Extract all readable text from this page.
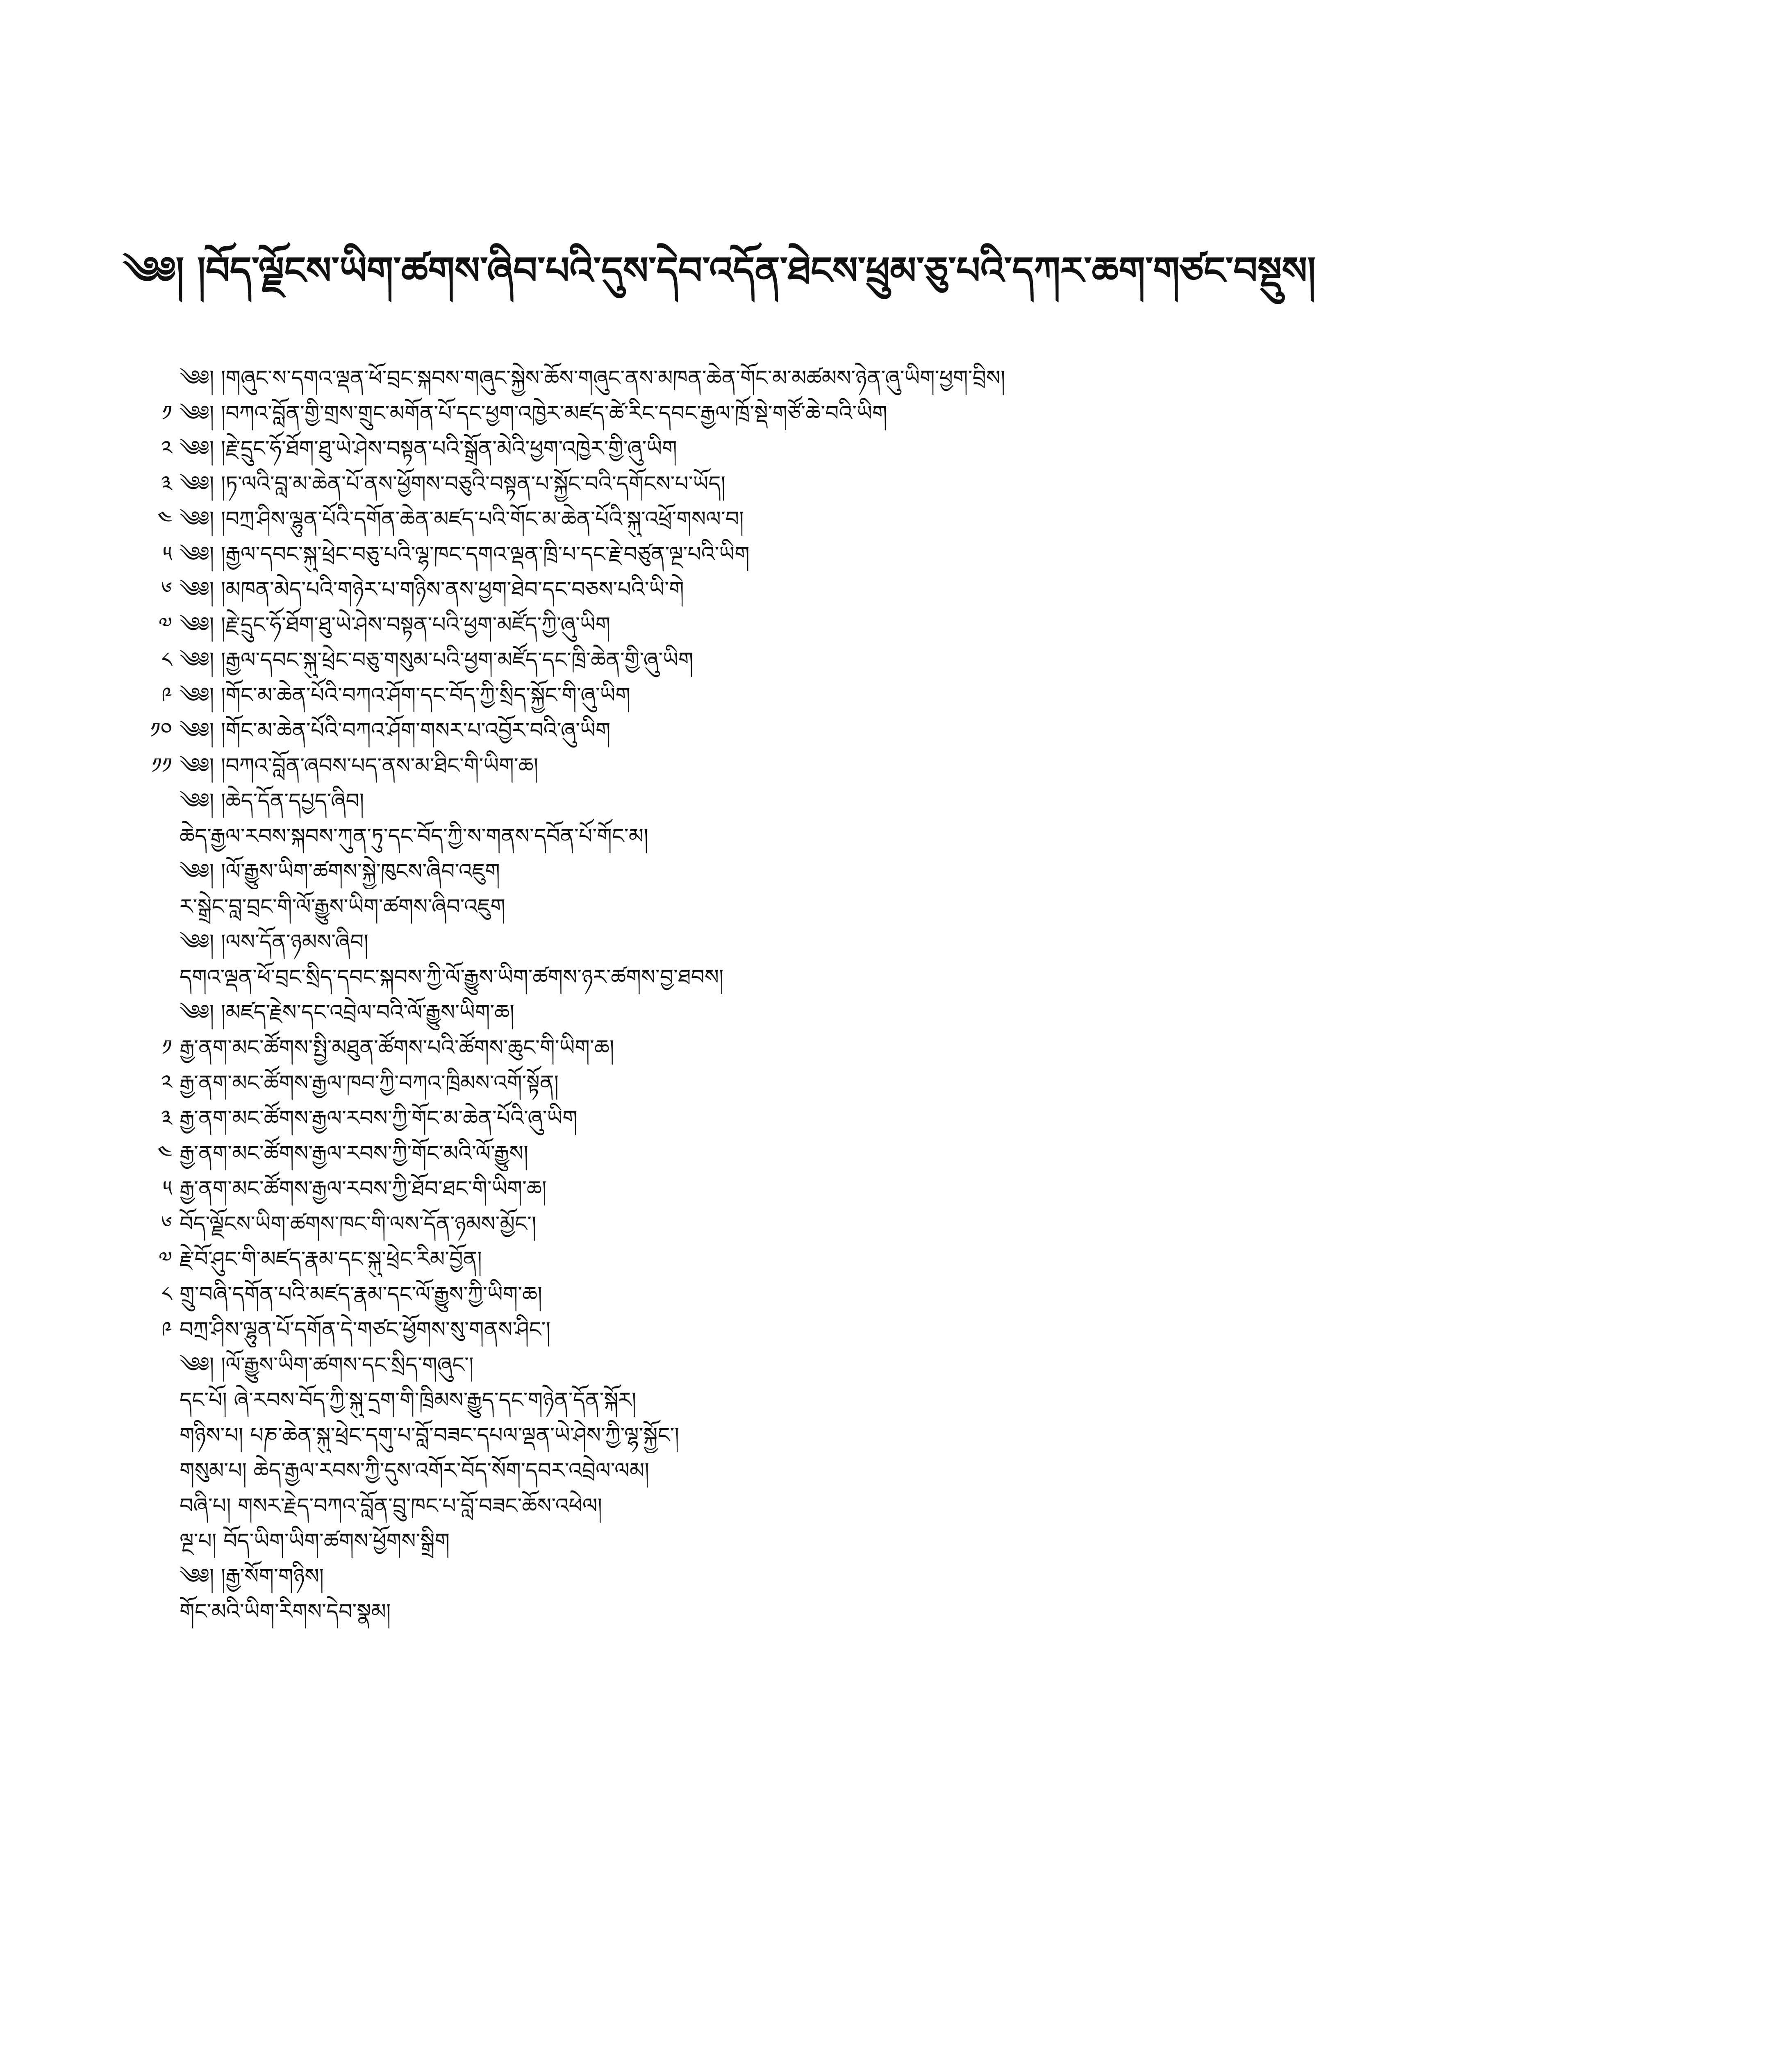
༄༅། །བོད་ལྗོངས་ཡིག་ཚགས་ཞིབ་པའི་དུས་དེབ་འདོན་ཐེངས་ཕྲུམ་ཅུ་པའི་དཀར་ཆག་གཙང་བསྡུས།
༄༅། །གཞུང་ས་དགའ་ལྡན་ཕོ་བྲང་སྐབས་གཞུང་སྐྱེས་ཆོས་གཞུང་ནས་མཁན་ཆེན་གོང་མ་མཚམས་ཉེན་ཞུ་ཡིག་ཕྱག་བྲིས།
༡ ༄༅། །བཀའ་བློན་གྱི་གྲས་གྲུང་མགོན་པོ་དང་ཕྱག་འཁྱེར་མཛད་ཚེ་རིང་དབང་རྒྱལ་ཁྲོ་སྡེ་གཙོ་ཆེ་བའི་ཡིག
༢ ༄༅། །རྗེ་དྲུང་ཧོ་ཐོག་ཐུ་ཡེ་ཤེས་བསྟན་པའི་སྒྲོན་མེའི་ཕྱག་འཁྱེར་གྱི་ཞུ་ཡིག
༣ ༄༅། །ཏ་ལའི་བླ་མ་ཆེན་པོ་ནས་ཕྱོགས་བཅུའི་བསྟན་པ་སྐྱོང་བའི་དགོངས་པ་ཡོད།
༤ ༄༅། །བཀྲ་ཤིས་ལྷུན་པོའི་དགོན་ཆེན་མཛད་པའི་གོང་མ་ཆེན་པོའི་སྐུ་འཕྲོ་གསལ་བ།
༥ ༄༅། །རྒྱལ་དབང་སྐུ་ཕྲེང་བཅུ་པའི་ལྷ་ཁང་དགའ་ལྡན་ཁྲི་པ་དང་རྗེ་བཙུན་ལྔ་པའི་ཡིག
༦ ༄༅། །མཁན་མེད་པའི་གཉེར་པ་གཉིས་ནས་ཕྱག་ཐེབ་དང་བཅས་པའི་ཡི་གེ
༧ ༄༅། །རྗེ་དྲུང་ཧོ་ཐོག་ཐུ་ཡེ་ཤེས་བསྟན་པའི་ཕྱག་མཛོད་ཀྱི་ཞུ་ཡིག
༨ ༄༅། །རྒྱལ་དབང་སྐུ་ཕྲེང་བཅུ་གསུམ་པའི་ཕྱག་མཛོད་དང་ཁྲི་ཆེན་གྱི་ཞུ་ཡིག
༩ ༄༅། །གོང་མ་ཆེན་པོའི་བཀའ་ཤོག་དང་བོད་ཀྱི་སྲིད་སྐྱོང་གི་ཞུ་ཡིག
༡༠ ༄༅། །གོང་མ་ཆེན་པོའི་བཀའ་ཤོག་གསར་པ་འབྱོར་བའི་ཞུ་ཡིག
༡༡ ༄༅། །བཀའ་བློན་ཞབས་པད་ནས་མ་ཐིང་གི་ཡིག་ཆ།
༄༅། །ཆེད་དོན་དཔྱད་ཞིབ།
ཆེད་རྒྱལ་རབས་སྐབས་ཀུན་ཏུ་དང་བོད་ཀྱི་ས་གནས་དབོན་པོ་གོང་མ།
༄༅། །ལོ་རྒྱུས་ཡིག་ཚགས་སྐྱེ་ཁུངས་ཞིབ་འཇུག
ར་སྒྲེང་བླ་བྲང་གི་ལོ་རྒྱུས་ཡིག་ཚགས་ཞིབ་འཇུག
༄༅། །ལས་དོན་ཉམས་ཞིབ།
དགའ་ལྡན་ཕོ་བྲང་སྲིད་དབང་སྐབས་ཀྱི་ལོ་རྒྱུས་ཡིག་ཚགས་ཉར་ཚགས་བྱ་ཐབས།
༄༅། །མཛད་རྗེས་དང་འབྲེལ་བའི་ལོ་རྒྱུས་ཡིག་ཆ།
༡ རྒྱ་ནག་མང་ཚོགས་སྤྱི་མཐུན་ཚོགས་པའི་ཚོགས་ཆུང་གི་ཡིག་ཆ།
༢ རྒྱ་ནག་མང་ཚོགས་རྒྱལ་ཁབ་ཀྱི་བཀའ་ཁྲིམས་འགོ་སྟོན།
༣ རྒྱ་ནག་མང་ཚོགས་རྒྱལ་རབས་ཀྱི་གོང་མ་ཆེན་པོའི་ཞུ་ཡིག
༤ རྒྱ་ནག་མང་ཚོགས་རྒྱལ་རབས་ཀྱི་གོང་མའི་ལོ་རྒྱུས།
༥ རྒྱ་ནག་མང་ཚོགས་རྒྱལ་རབས་ཀྱི་ཐོབ་ཐང་གི་ཡིག་ཆ།
༦ བོད་ལྗོངས་ཡིག་ཚགས་ཁང་གི་ལས་དོན་ཉམས་མྱོང་།
༧ རྗེ་བོ་ཤུང་གི་མཛད་རྣམ་དང་སྐུ་ཕྲེང་རིམ་བྱོན།
༨ གྲུ་བཞི་དགོན་པའི་མཛད་རྣམ་དང་ལོ་རྒྱུས་ཀྱི་ཡིག་ཆ།
༩ བཀྲ་ཤིས་ལྷུན་པོ་དགོན་དེ་གཙང་ཕྱོགས་སུ་གནས་ཤིང་།
༄༅། །ལོ་རྒྱུས་ཡིག་ཚགས་དང་སྲིད་གཞུང་།
དང་པོ། ཞེ་རབས་བོད་ཀྱི་སྐུ་དྲག་གི་ཁྲིམས་རྒྱུད་དང་གཉེན་དོན་སྐོར།
གཉིས་པ། པཎ་ཆེན་སྐུ་ཕྲེང་དགུ་པ་བློ་བཟང་དཔལ་ལྡན་ཡེ་ཤེས་ཀྱི་ལྷ་སྐྱོང་།
གསུམ་པ། ཆེད་རྒྱལ་རབས་ཀྱི་དུས་འགོར་བོད་སོག་དབར་འབྲེལ་ལམ།
བཞི་པ། གསར་རྗེད་བཀའ་བློན་བྲུ་ཁང་པ་བློ་བཟང་ཆོས་འཕེལ།
ལྔ་པ། བོད་ཡིག་ཡིག་ཚགས་ཕྱོགས་སྒྲིག
༄༅། །རྒྱ་སོག་གཉིས།
གོང་མའི་ཡིག་རིགས་དེབ་སྣམ།
